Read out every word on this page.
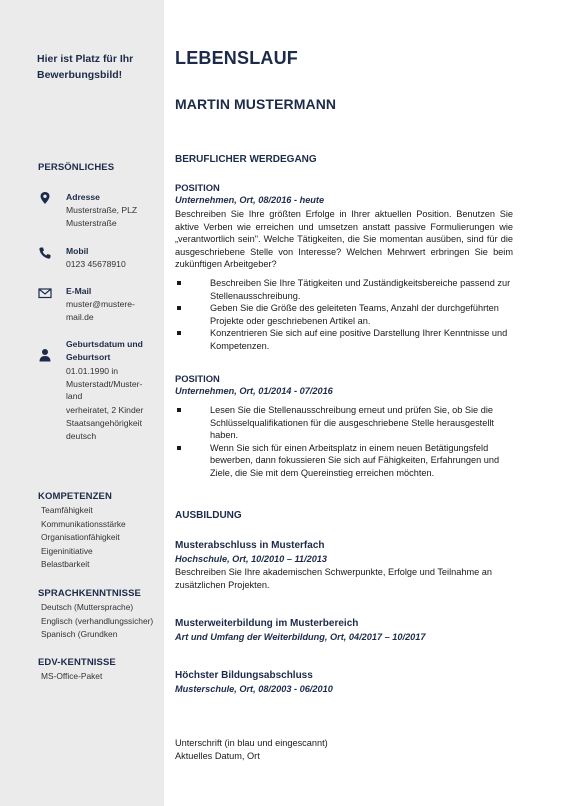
Hier ist Platz für Ihr Bewerbungsbild!
PERSÖNLICHES
Adresse
Musterstraße, PLZ
Musterstraße
Mobil
0123 45678910
E-Mail
muster@mustere-
mail.de
Geburtsdatum und
Geburtsort
01.01.1990 in
Musterstadt/Muster-
land
verheiratet, 2 Kinder
Staatsangehörigkeit
deutsch
KOMPETENZEN
Teamfähigkeit
Kommunikationsstärke
Organisationfähigkeit
Eigeninitiative
Belastbarkeit
SPRACHKENNTNISSE
Deutsch (Muttersprache)
Englisch (verhandlungssicher)
Spanisch (Grundken
EDV-KENTNISSE
MS-Office-Paket
LEBENSLAUF
MARTIN MUSTERMANN
BERUFLICHER WERDEGANG
POSITION
Unternehmen, Ort, 08/2016 - heute
Beschreiben Sie Ihre größten Erfolge in Ihrer aktuellen Position. Benutzen Sie aktive Verben wie erreichen und umsetzen anstatt passive Formulierungen wie „verantwortlich sein". Welche Tätigkeiten, die Sie momentan ausüben, sind für die ausgeschriebene Stelle von Interesse? Welchen Mehrwert erbringen Sie beim zukünftigen Arbeitgeber?
Beschreiben Sie Ihre Tätigkeiten und Zuständigkeitsbereiche passend zur Stellenausschreibung.
Geben Sie die Größe des geleiteten Teams, Anzahl der durchgeführten Projekte oder geschriebenen Artikel an.
Konzentrieren Sie sich auf eine positive Darstellung Ihrer Kenntnisse und Kompetenzen.
POSITION
Unternehmen, Ort, 01/2014 - 07/2016
Lesen Sie die Stellenausschreibung erneut und prüfen Sie, ob Sie die Schlüsselqualifikationen für die ausgeschriebene Stelle herausgestellt haben.
Wenn Sie sich für einen Arbeitsplatz in einem neuen Betätigungsfeld bewerben, dann fokussieren Sie sich auf Fähigkeiten, Erfahrungen und Ziele, die Sie mit dem Quereinstieg erreichen möchten.
AUSBILDUNG
Musterabschluss in Musterfach
Hochschule, Ort, 10/2010 – 11/2013
Beschreiben Sie Ihre akademischen Schwerpunkte, Erfolge und Teilnahme an zusätzlichen Projekten.
Musterweiterbildung im Musterbereich
Art und Umfang der Weiterbildung, Ort, 04/2017 – 10/2017
Höchster Bildungsabschluss
Musterschule, Ort, 08/2003 - 06/2010
Unterschrift (in blau und eingescannt)
Aktuelles Datum, Ort
